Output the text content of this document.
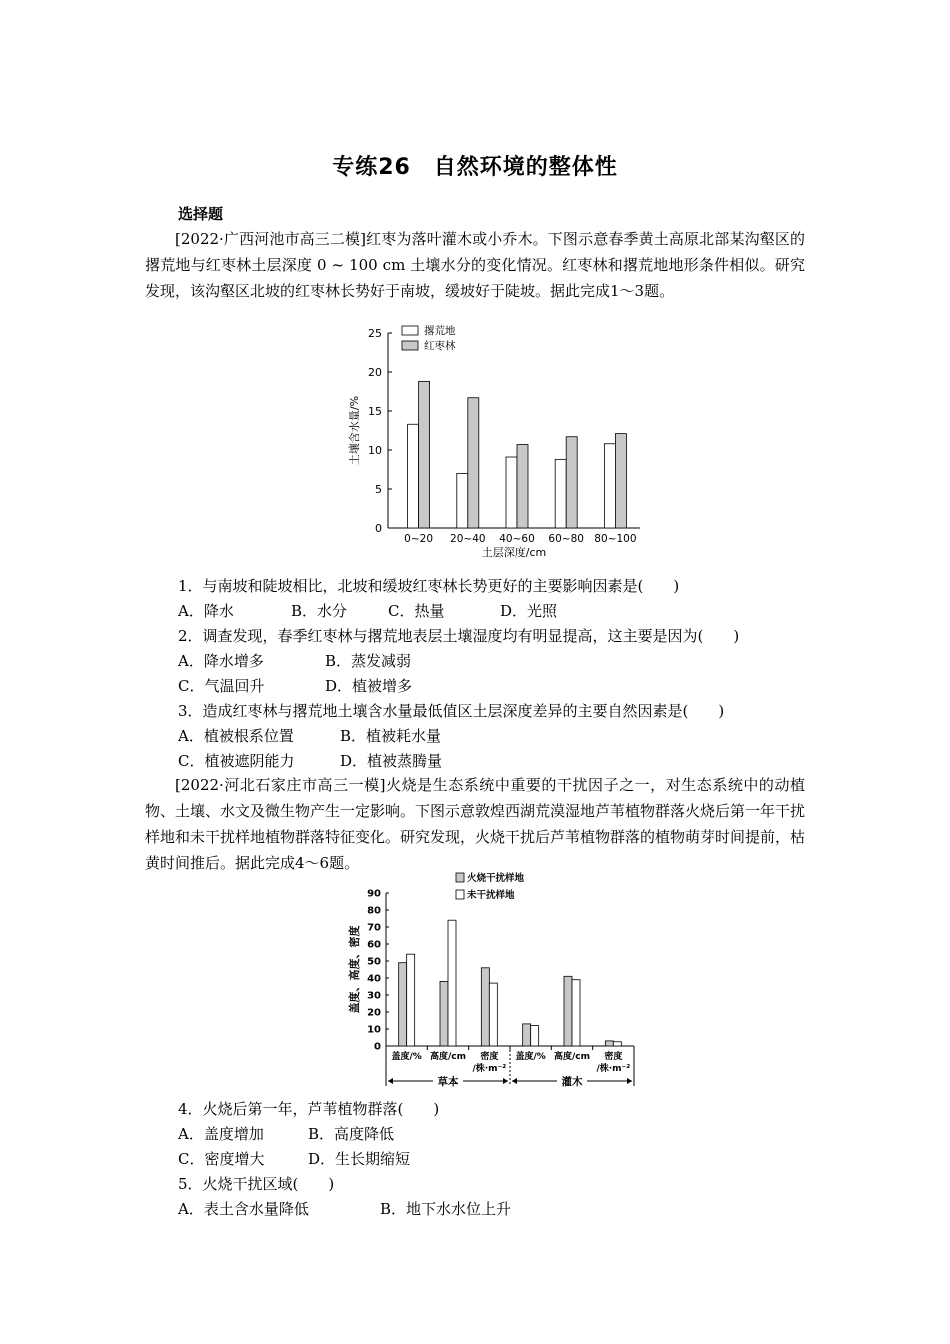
专练26　自然环境的整体性
选择题
[2022·广西河池市高三二模]红枣为落叶灌木或小乔木。下图示意春季黄土高原北部某沟壑区的撂荒地与红枣林土层深度 0 ~ 100 cm 土壤水分的变化情况。红枣林和撂荒地地形条件相似。研究发现，该沟壑区北坡的红枣林长势好于南坡，缓坡好于陡坡。据此完成1～3题。
0
5
10
15
20
25
0~20 20~40 40~60 60~80 80~100
土层深度/cm
土壤含水量/%
撂荒地
红枣林
1．与南坡和陡坡相比，北坡和缓坡红枣林长势更好的主要影响因素是(　　)
A．降水	B．水分	C．热量	D．光照
2．调查发现，春季红枣林与撂荒地表层土壤湿度均有明显提高，这主要是因为(　　)
A．降水增多	B．蒸发减弱
C．气温回升	D．植被增多
3．造成红枣林与撂荒地土壤含水量最低值区土层深度差异的主要自然因素是(　　)
A．植被根系位置	B．植被耗水量
C．植被遮阴能力	D．植被蒸腾量
[2022·河北石家庄市高三一模]火烧是生态系统中重要的干扰因子之一，对生态系统中的动植物、土壤、水文及微生物产生一定影响。下图示意敦煌西湖荒漠湿地芦苇植物群落火烧后第一年干扰样地和未干扰样地植物群落特征变化。研究发现，火烧干扰后芦苇植物群落的植物萌芽时间提前，枯黄时间推后。据此完成4～6题。
0
10
20
30
40
50
60
70
80
90
盖度/% 高度/cm 密度
/株·m⁻²
盖度/% 高度/cm 密度
/株·m⁻²
草本	灌木
盖度、高度、密度
火烧干扰样地
未干扰样地
4．火烧后第一年，芦苇植物群落(　　)
A．盖度增加	B．高度降低
C．密度增大	D．生长期缩短
5．火烧干扰区域(　　)
A．表土含水量降低	B．地下水水位上升
